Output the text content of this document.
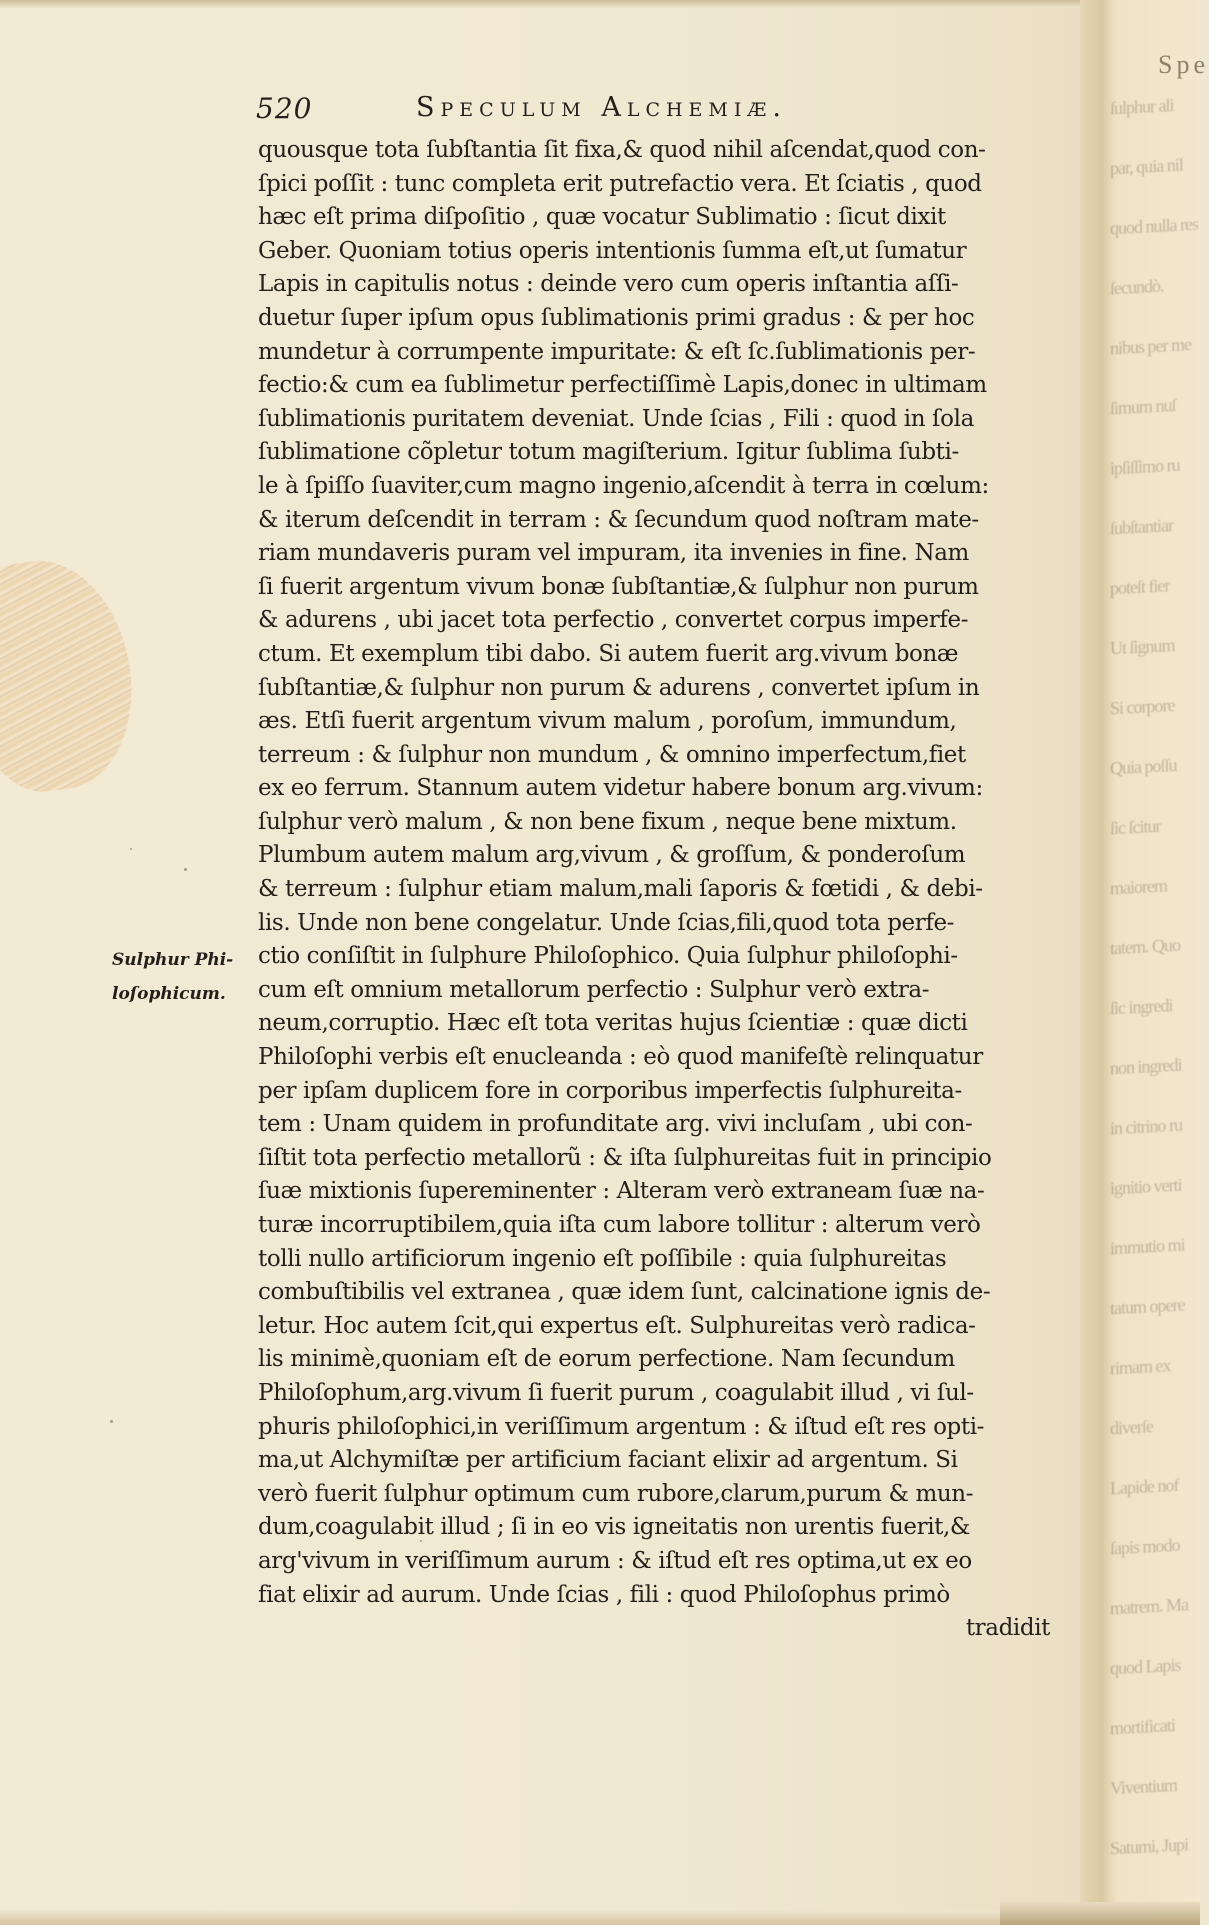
520	Speculum Alchemiæ.
Sulphur Phi-
loſophicum.
quousque tota ſubſtantia ſit fixa,& quod nihil aſcendat,quod con-
ſpici poſſit : tunc completa erit putrefactio vera. Et ſciatis , quod
hæc eſt prima diſpoſitio , quæ vocatur Sublimatio : ſicut dixit
Geber. Quoniam totius operis intentionis ſumma eſt,ut ſumatur
Lapis in capitulis notus : deinde vero cum operis inſtantia aſſi-
duetur ſuper ipſum opus ſublimationis primi gradus : & per hoc
mundetur à corrumpente impuritate: & eſt ſc.ſublimationis per-
fectio:& cum ea ſublimetur perfectiſſimè Lapis,donec in ultimam
ſublimationis puritatem deveniat. Unde ſcias , Fili : quod in ſola
ſublimatione cõpletur totum magiſterium. Igitur ſublima ſubti-
le à ſpiſſo ſuaviter,cum magno ingenio,aſcendit à terra in cœlum:
& iterum deſcendit in terram : & ſecundum quod noſtram mate-
riam mundaveris puram vel impuram, ita invenies in fine. Nam
ſi fuerit argentum vivum bonæ ſubſtantiæ,& ſulphur non purum
& adurens , ubi jacet tota perfectio , convertet corpus imperfe-
ctum. Et exemplum tibi dabo. Si autem fuerit arg.vivum bonæ
ſubſtantiæ,& ſulphur non purum & adurens , convertet ipſum in
æs. Etſi fuerit argentum vivum malum , poroſum, immundum,
terreum : & ſulphur non mundum , & omnino imperfectum,fiet
ex eo ferrum. Stannum autem videtur habere bonum arg.vivum:
ſulphur verò malum , & non bene fixum , neque bene mixtum.
Plumbum autem malum arg,vivum , & groſſum, & ponderoſum
& terreum : ſulphur etiam malum,mali ſaporis & fœtidi , & debi-
lis. Unde non bene congelatur. Unde ſcias,fili,quod tota perfe-
ctio conſiſtit in ſulphure Philoſophico. Quia ſulphur philoſophi-
cum eſt omnium metallorum perfectio : Sulphur verò extra-
neum,corruptio. Hæc eſt tota veritas hujus ſcientiæ : quæ dicti
Philoſophi verbis eſt enucleanda : eò quod manifeſtè relinquatur
per ipſam duplicem fore in corporibus imperfectis ſulphureita-
tem : Unam quidem in profunditate arg. vivi incluſam , ubi con-
ſiſtit tota perfectio metallorũ : & iſta ſulphureitas fuit in principio
ſuæ mixtionis ſupereminenter : Alteram verò extraneam ſuæ na-
turæ incorruptibilem,quia iſta cum labore tollitur : alterum verò
tolli nullo artificiorum ingenio eſt poſſibile : quia ſulphureitas
combuſtibilis vel extranea , quæ idem ſunt, calcinatione ignis de-
letur. Hoc autem ſcit,qui expertus eſt. Sulphureitas verò radica-
lis minimè,quoniam eſt de eorum perfectione. Nam ſecundum
Philoſophum,arg.vivum ſi fuerit purum , coagulabit illud , vi ſul-
phuris philoſophici,in veriſſimum argentum : & iſtud eſt res opti-
ma,ut Alchymiſtæ per artificium faciant elixir ad argentum. Si
verò fuerit ſulphur optimum cum rubore,clarum,purum & mun-
dum,coagulabit illud ; ſi in eo vis igneitatis non urentis fuerit,&
arg'vivum in veriſſimum aurum : & iſtud eſt res optima,ut ex eo
fiat elixir ad aurum. Unde ſcias , fili : quod Philoſophus primò
tradidit
ſulphur ali
par, quia nil
quod nulla res
ſecundò.
nibus per me
ſimum nuſ
ipſiſſimo ru
ſubſtantiar
poteſt fier
Ut ſignum
Si corpore
Quia poſſu
ſic ſcitur
maiorem
tatem. Quo
ſic ingredi
non ingredi
in citrino ru
ignitio verti
immutio mi
tatum opere
rimam ex
diverſe
Lapide nof
ſapis modo
matrem. Ma
quod Lapis
mortificati
Viventium
Saturni, Jupi
Spe
